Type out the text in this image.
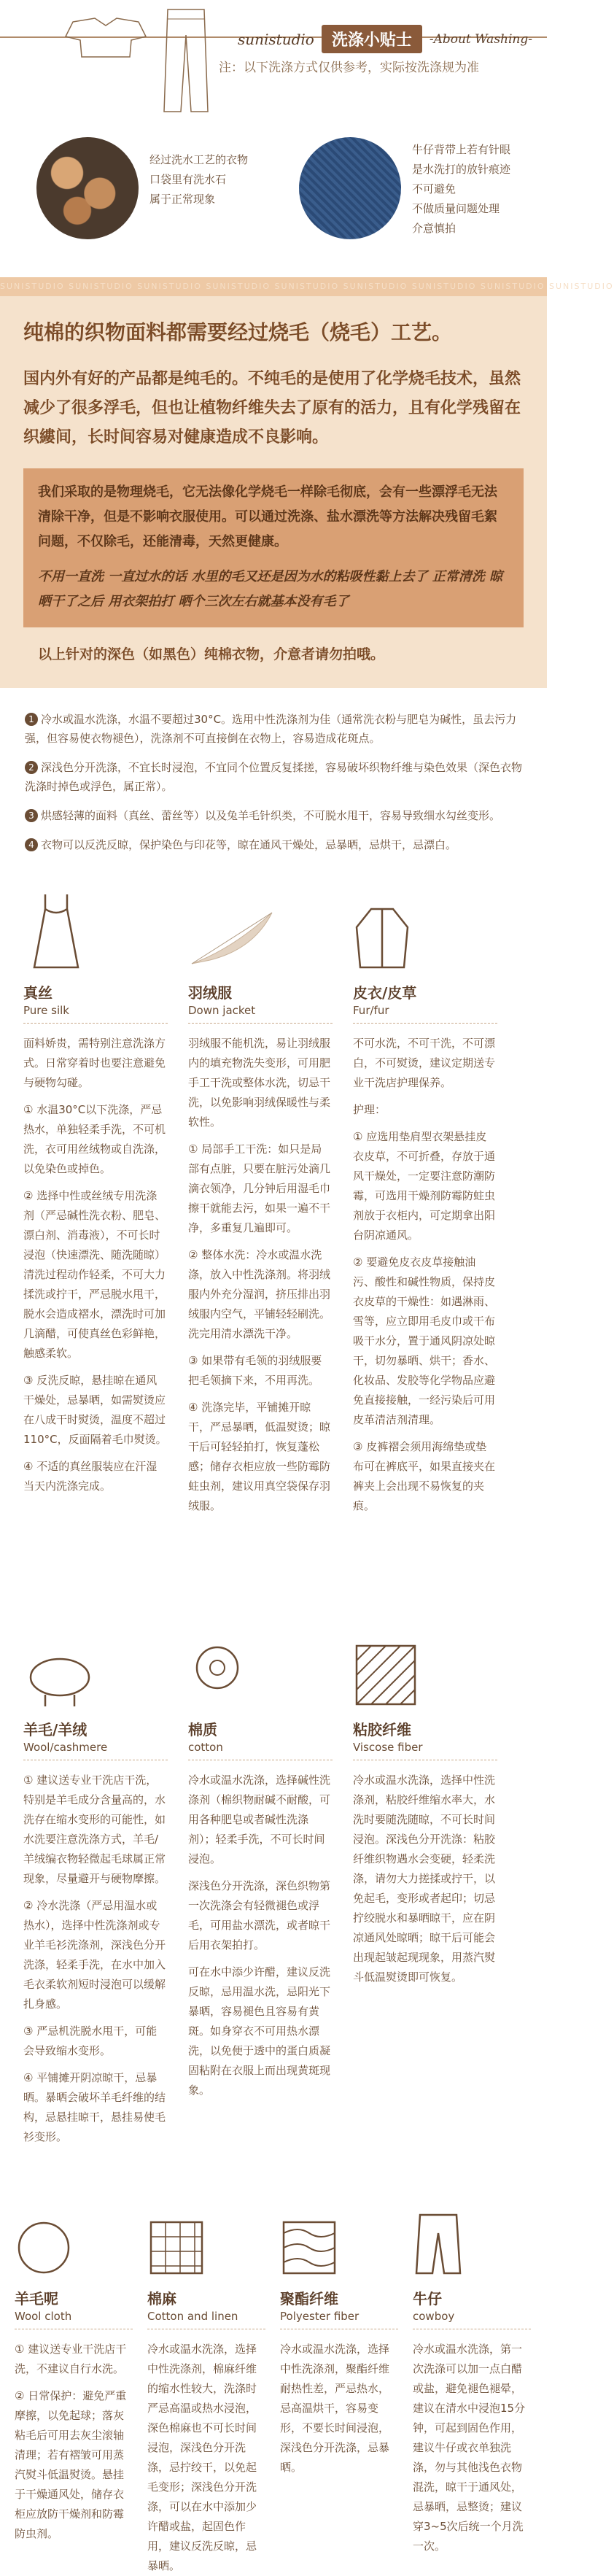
sunistudio	洗涤小贴士	-About Washing-
注：以下洗涤方式仅供参考，实际按洗涤规为准
经过洗水工艺的衣物
口袋里有洗水石
属于正常现象
牛仔背带上若有针眼
是水洗打的放针痕迹
不可避免
不做质量问题处理
介意慎拍
SUNISTUDIO SUNISTUDIO SUNISTUDIO SUNISTUDIO SUNISTUDIO SUNISTUDIO SUNISTUDIO SUNISTUDIO SUNISTUDIO
纯棉的织物面料都需要经过烧毛（烧毛）工艺。
国内外有好的产品都是纯毛的。不纯毛的是使用了化学烧毛技术，虽然减少了很多浮毛，但也让植物纤维失去了原有的活力，且有化学残留在织縷间，长时间容易对健康造成不良影响。
我们采取的是物理烧毛，它无法像化学烧毛一样除毛彻底，会有一些漂浮毛无法清除干净，但是不影响衣服使用。可以通过洗涤、盐水漂洗等方法解决残留毛絮问题，不仅除毛，还能清毒，天然更健康。
不用一直洗 一直过水的话 水里的毛又还是因为水的粘吸性黏上去了 正常清洗 晾晒干了之后 用衣架拍打 晒个三次左右就基本没有毛了
以上针对的深色（如黑色）纯棉衣物，介意者请勿拍哦。
1 冷水或温水洗涤，水温不要超过30°C。选用中性洗涤剂为佳（通常洗衣粉与肥皂为碱性，虽去污力强，但容易使衣物褪色），洗涤剂不可直接倒在衣物上，容易造成花斑点。
2 深浅色分开洗涤，不宜长时浸泡，不宜同个位置反复揉搓，容易破坏织物纤维与染色效果（深色衣物洗涤时掉色或浮色，属正常）。
3 烘感轻薄的面料（真丝、蕾丝等）以及兔羊毛针织类，不可脱水甩干，容易导致细水勾丝变形。
4 衣物可以反洗反晾，保护染色与印花等，晾在通风干燥处，忌暴晒，忌烘干，忌漂白。
真丝
Pure silk

面料娇贵，需特别注意洗涤方式。日常穿着时也要注意避免与硬物勾碰。

① 水温30°C以下洗涤，严忌热水，单独轻柔手洗，不可机洗，衣可用丝绒物或自洗涤，以免染色或掉色。

② 选择中性或丝绒专用洗涤剂（严忌碱性洗衣粉、肥皂、漂白剂、消毒液），不可长时浸泡（快速漂洗、随洗随晾）清洗过程动作轻柔，不可大力揉洗或拧干，严忌脱水甩干，脱水会造成褶水，漂洗时可加几滴醋，可使真丝色彩鲜艳，触感柔软。

③ 反洗反晾，悬挂晾在通风干燥处，忌暴晒，如需熨烫应在八成干时熨烫，温度不超过110°C，反面隔着毛巾熨烫。

④ 不适的真丝服装应在汗湿当天内洗涤完成。

羽绒服
Down jacket

羽绒服不能机洗，易让羽绒服内的填充物洗失变形，可用肥手工干洗或整体水洗，切忌干洗，以免影响羽绒保暖性与柔软性。

① 局部手工干洗：如只是局部有点脏，只要在脏污处滴几滴衣领净，几分钟后用湿毛巾擦干就能去污，如果一遍不干净，多重复几遍即可。

② 整体水洗：冷水或温水洗涤，放入中性洗涤剂。将羽绒服内外充分湿润，挤压排出羽绒服内空气，平铺轻轻刷洗。洗完用清水漂洗干净。

③ 如果带有毛领的羽绒服要把毛领摘下来，不用再洗。

④ 洗涤完毕，平铺摊开晾干，严忌暴晒，低温熨烫；晾干后可轻轻拍打，恢复蓬松感；储存衣柜应放一些防霉防蛀虫剂，建议用真空袋保存羽绒服。

皮衣/皮草
Fur/fur

不可水洗，不可干洗，不可漂白，不可熨烫，建议定期送专业干洗店护理保养。

护理：

① 应选用垫肩型衣架悬挂皮衣皮草，不可折叠，存放于通风干燥处，一定要注意防潮防霉，可选用干燥剂防霉防蛀虫剂放于衣柜内，可定期拿出阳台阴凉通风。

② 要避免皮衣皮草接触油污、酸性和碱性物质，保持皮衣皮草的干燥性：如遇淋雨、雪等，应立即用毛皮巾或干布吸干水分，置于通风阴凉处晾干，切勿暴晒、烘干；香水、化妆品、发胶等化学物品应避免直接接触，一经污染后可用皮革清洁剂清理。

③ 皮裤褶会须用海绵垫或垫布可在裤底平，如果直接夹在裤夹上会出现不易恢复的夹痕。

羊毛/羊绒
Wool/cashmere

① 建议送专业干洗店干洗，特别是羊毛成分含量高的，水洗存在缩水变形的可能性，如水洗要注意洗涤方式，羊毛/羊绒编衣物轻微起毛球属正常现象，尽量避开与硬物摩擦。

② 冷水洗涤（严忌用温水或热水），选择中性洗涤剂或专业羊毛衫洗涤剂，深浅色分开洗涤，轻柔手洗，在水中加入毛衣柔软剂短时浸泡可以缓解扎身感。

③ 严忌机洗脱水甩干，可能会导致缩水变形。

④ 平铺摊开阴凉晾干，忌暴晒。暴晒会破坏羊毛纤维的结构，忌悬挂晾干，悬挂易使毛衫变形。

棉质
cotton

冷水或温水洗涤，选择碱性洗涤剂（棉织物耐碱不耐酸，可用各种肥皂或者碱性洗涤剂）；轻柔手洗，不可长时间浸泡。

深浅色分开洗涤，深色织物第一次洗涤会有轻微褪色或浮毛，可用盐水漂洗，或者晾干后用衣架拍打。

可在水中添少许醋，建议反洗反晾，忌用温水洗，忌阳光下暴晒，容易褪色且容易有黄斑。如身穿衣不可用热水漂洗，以免便于透中的蛋白质凝固粘附在衣服上而出现黄斑现象。

粘胶纤维
Viscose fiber

冷水或温水洗涤，选择中性洗涤剂，粘胶纤维缩水率大，水洗时要随洗随晾，不可长时间浸泡。深浅色分开洗涤：粘胶纤维织物遇水会变硬，轻柔洗涤，请勿大力搓揉或拧干，以免起毛，变形或者起印；切忌拧绞脱水和暴晒晾干，应在阴凉通风处晾晒；晾干后可能会出现起皱起现现象，用蒸汽熨斗低温熨烫即可恢复。

羊毛呢
Wool cloth

① 建议送专业干洗店干洗，不建议自行水洗。

② 日常保护：避免严重摩擦，以免起球；落灰粘毛后可用去灰尘滚轴清理；若有褶皱可用蒸汽熨斗低温熨烫。悬挂于干燥通风处，储存衣柜应放防干燥剂和防霉防虫剂。

棉麻
Cotton and linen

冷水或温水洗涤，选择中性洗涤剂，棉麻纤维的缩水性较大，洗涤时严忌高温或热水浸泡，深色棉麻也不可长时间浸泡，深浅色分开洗涤，忌拧绞干，以免起毛变形；深浅色分开洗涤，可以在水中添加少许醋或盐，起固色作用，建议反洗反晾，忌暴晒。

聚酯纤维
Polyester fiber

冷水或温水洗涤，选择中性洗涤剂，聚酯纤维耐热性差，严忌热水，忌高温烘干，容易变形，不要长时间浸泡，深浅色分开洗涤，忌暴晒。

牛仔
cowboy

冷水或温水洗涤，第一次洗涤可以加一点白醋或盐，避免褪色褪晕，建议在清水中浸泡15分钟，可起到固色作用，建议牛仔或衣单独洗涤，勿与其他浅色衣物混洗，晾干于通风处，忌暴晒，忌整烫；建议穿3~5次后统一个月洗一次。
